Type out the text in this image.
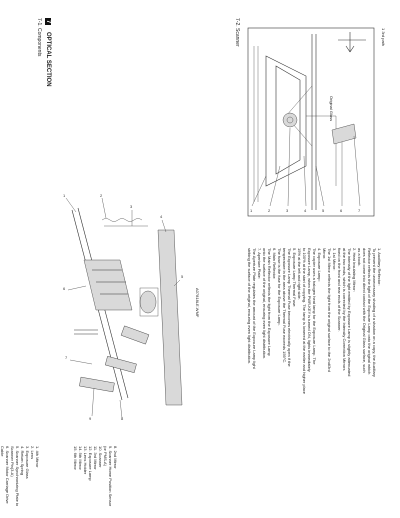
7
OPTICAL SECTION
7-1. Components
1	2
3
4
5
6
7
8
9
A07818LE.WMF
1. 4th Mirror
2. Lens
3. Exposure Glass
4. Return Spring
5. Scanner Synchronizing Plate to
Scanner Pin(3-A)
6. Scanner Motor Carriage Drive
Cable	8. 2nd Mirror
9. Scanner Home Position Sensor
(or PMS-A)
10. Scanner
11. 3rd Mirror
12. Exposure Lamp
13. Lens Holder
14. 5th Mirror
15. 6th Mirror
7-2. Scanner
1	2	3	4	5	6	7
Original Glass
1 3rd path
1. Auxiliary Reflector:
To prevent the unnecessary shading of a shadow on a copy, the Auxiliary
Reflector reflects the light of the Exposure Lamp onto the original which
does not come into direct contact with the Original Glass surface, such
as a book.
2. Heat Insulating Mirror:
The intensity of the light emitted by Exposure Lamp is slightly attenuated
at the two ends, which is corrected by the Intensity Correction Mirrors
fixed on the front and rear ends of the Scanner.
3. 1st Mirror:
The 1st Mirror reflects the light from the original surface to the 2nd/3rd
Mirror.
4. Exposure Lamp:
The copier uses a halogen heat lamp for the Exposure Lamp. The
Exposure Lamp, when the PWR-KEY is turned ON, lights immediately
to 100% at the start of copying. The lamp is lowered at the earlier and higher place
15% at the left and right side.
5. Exposure Lamp Thermal Fuse:
The Exposure Lamp Thermal Fuse becomes electrically open if the
temperature in the area above the Thermal Fuse exceeds 159°C.
The fuse is the fuse for the Exposure Lamp.
6. Main Reflector:
The Main Reflector reflects the light from the Exposure Lamp
onto the surface of the original, ensuring even light distribution.
7. Aperture Plate:
The Aperture Plate regulates the amount of the Exposure Lamp light
striking the surface of the original, ensuring even light distribution.
